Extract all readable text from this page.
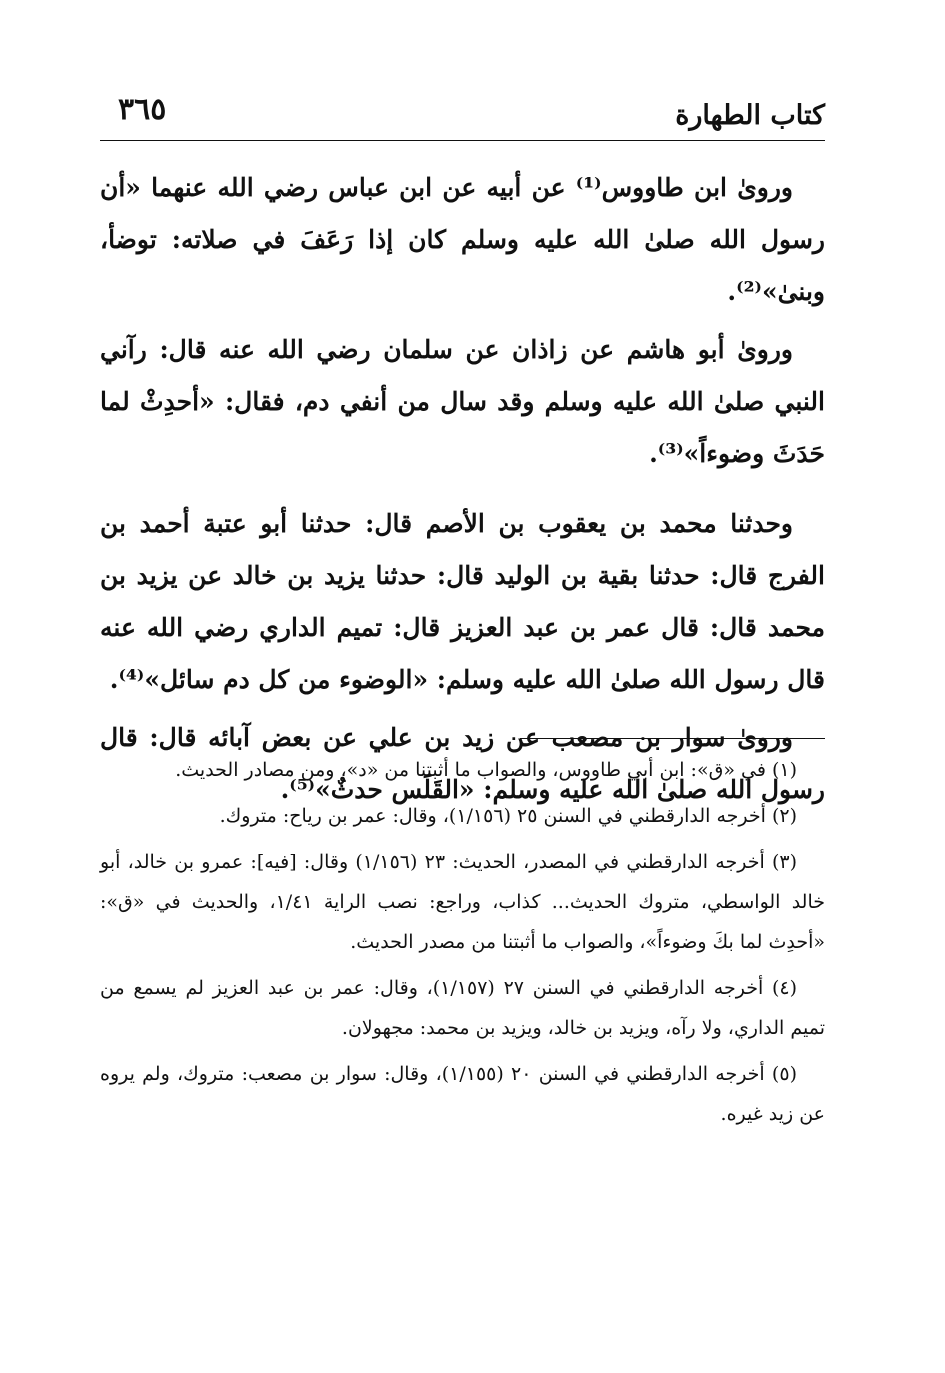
كتاب الطهارة
٣٦٥

وروىٰ ابن طاووس⁽¹⁾ عن أبيه عن ابن عباس رضي الله عنهما «أن رسول الله صلىٰ الله عليه وسلم كان إذا رَعَفَ في صلاته: توضأ، وبنىٰ»⁽²⁾.

وروىٰ أبو هاشم عن زاذان عن سلمان رضي الله عنه قال: رآني النبي صلىٰ الله عليه وسلم وقد سال من أنفي دم، فقال: «أحدِثْ لما حَدَثَ وضوءاً»⁽³⁾.

وحدثنا محمد بن يعقوب بن الأصم قال: حدثنا أبو عتبة أحمد بن الفرج قال: حدثنا بقية بن الوليد قال: حدثنا يزيد بن خالد عن يزيد بن محمد قال: قال عمر بن عبد العزيز قال: تميم الداري رضي الله عنه قال رسول الله صلىٰ الله عليه وسلم: «الوضوء من كل دم سائل»⁽⁴⁾.

وروىٰ سوار بن مصعب عن زيد بن علي عن بعض آبائه قال: قال رسول الله صلىٰ الله عليه وسلم: «القَلَس حدثٌ»⁽⁵⁾.

(١) في «ق»: ابن أبي طاووس، والصواب ما أثبتنا من «د»، ومن مصادر الحديث.

(٢) أخرجه الدارقطني في السنن ٢٥ (١/١٥٦)، وقال: عمر بن رياح: متروك.

(٣) أخرجه الدارقطني في المصدر، الحديث: ٢٣ (١/١٥٦) وقال: [فيه]: عمرو بن خالد، أبو خالد الواسطي، متروك الحديث... كذاب، وراجع: نصب الراية ١/٤١، والحديث في «ق»: «أحدِث لما بكَ وضوءاً»، والصواب ما أثبتنا من مصدر الحديث.

(٤) أخرجه الدارقطني في السنن ٢٧ (١/١٥٧)، وقال: عمر بن عبد العزيز لم يسمع من تميم الداري، ولا رآه، ويزيد بن خالد، ويزيد بن محمد: مجهولان.

(٥) أخرجه الدارقطني في السنن ٢٠ (١/١٥٥)، وقال: سوار بن مصعب: متروك، ولم يروه عن زيد غيره.
